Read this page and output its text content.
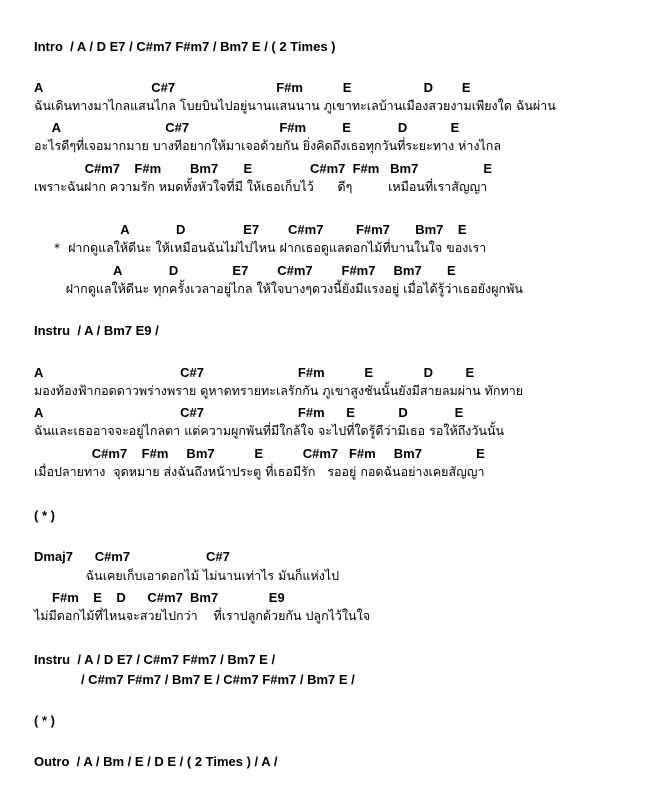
Intro  / A / D E7 / C#m7 F#m7 / Bm7 E / ( 2 Times )
A                              C#7                            F#m           E                    D        E
ฉันเดินทางมาไกลแสนไกล โบยบินไปอยู่นานแสนนาน ภูเขาทะเลบ้านเมืองสวยงามเพียงใด ฉันผ่าน
A                             C#7                         F#m          E             D            E
อะไรดีๆที่เจอมากมาย บางทีอยากให้มาเจอด้วยกัน ยิ่งคิดถึงเธอทุกวันที่ระยะทาง ห่างไกล
C#m7    F#m        Bm7       E                C#m7  F#m   Bm7                  E
เพราะฉันฝาก ความรัก หมดทั้งหัวใจที่มี ให้เธอเก็บไว้      ดีๆ         เหมือนที่เราสัญญา
A             D                E7        C#m7         F#m7       Bm7    E
*  ฝากดูแลให้ดีนะ ให้เหมือนฉันไม่ไปไหน ฝากเธอดูแลดอกไม้ที่บานในใจ ของเรา
A             D               E7        C#m7        F#m7     Bm7       E
ฝากดูแลให้ดีนะ ทุกครั้งเวลาอยู่ไกล ให้ใจบางๆดวงนี้ยังมีแรงอยู่ เมื่อได้รู้ว่าเธอยังผูกพัน
Instru  / A / Bm7 E9 /
A                                      C#7                          F#m           E              D         E
มองท้องฟ้ากอดดาวพร่างพราย ดูหาดทรายทะเลรักกัน ภูเขาสูงชันนั้นยังมีสายลมผ่าน ทักทาย
A                                      C#7                          F#m      E            D             E
ฉันและเธออาจจะอยู่ไกลตา แต่ความผูกพันที่มีใกล้ใจ จะไปที่ใดรู้ดีว่ามีเธอ รอให้ถึงวันนั้น
C#m7    F#m     Bm7           E           C#m7   F#m     Bm7               E
เมื่อปลายทาง  จุดหมาย ส่งฉันถึงหน้าประตู ที่เธอมีรัก   รออยู่ กอดฉันอย่างเคยสัญญา
( * )
Dmaj7      C#m7                     C#7
ฉันเคยเก็บเอาดอกไม้ ไม่นานเท่าไร มันก็แห่งไป
F#m    E    D      C#m7  Bm7              E9
ไม่มีดอกไม้ที่ไหนจะสวยไปกว่า    ที่เราปลูกด้วยกัน ปลูกไว้ในใจ
Instru  / A / D E7 / C#m7 F#m7 / Bm7 E /
/ C#m7 F#m7 / Bm7 E / C#m7 F#m7 / Bm7 E /
( * )
Outro  / A / Bm / E / D E / ( 2 Times ) / A /
